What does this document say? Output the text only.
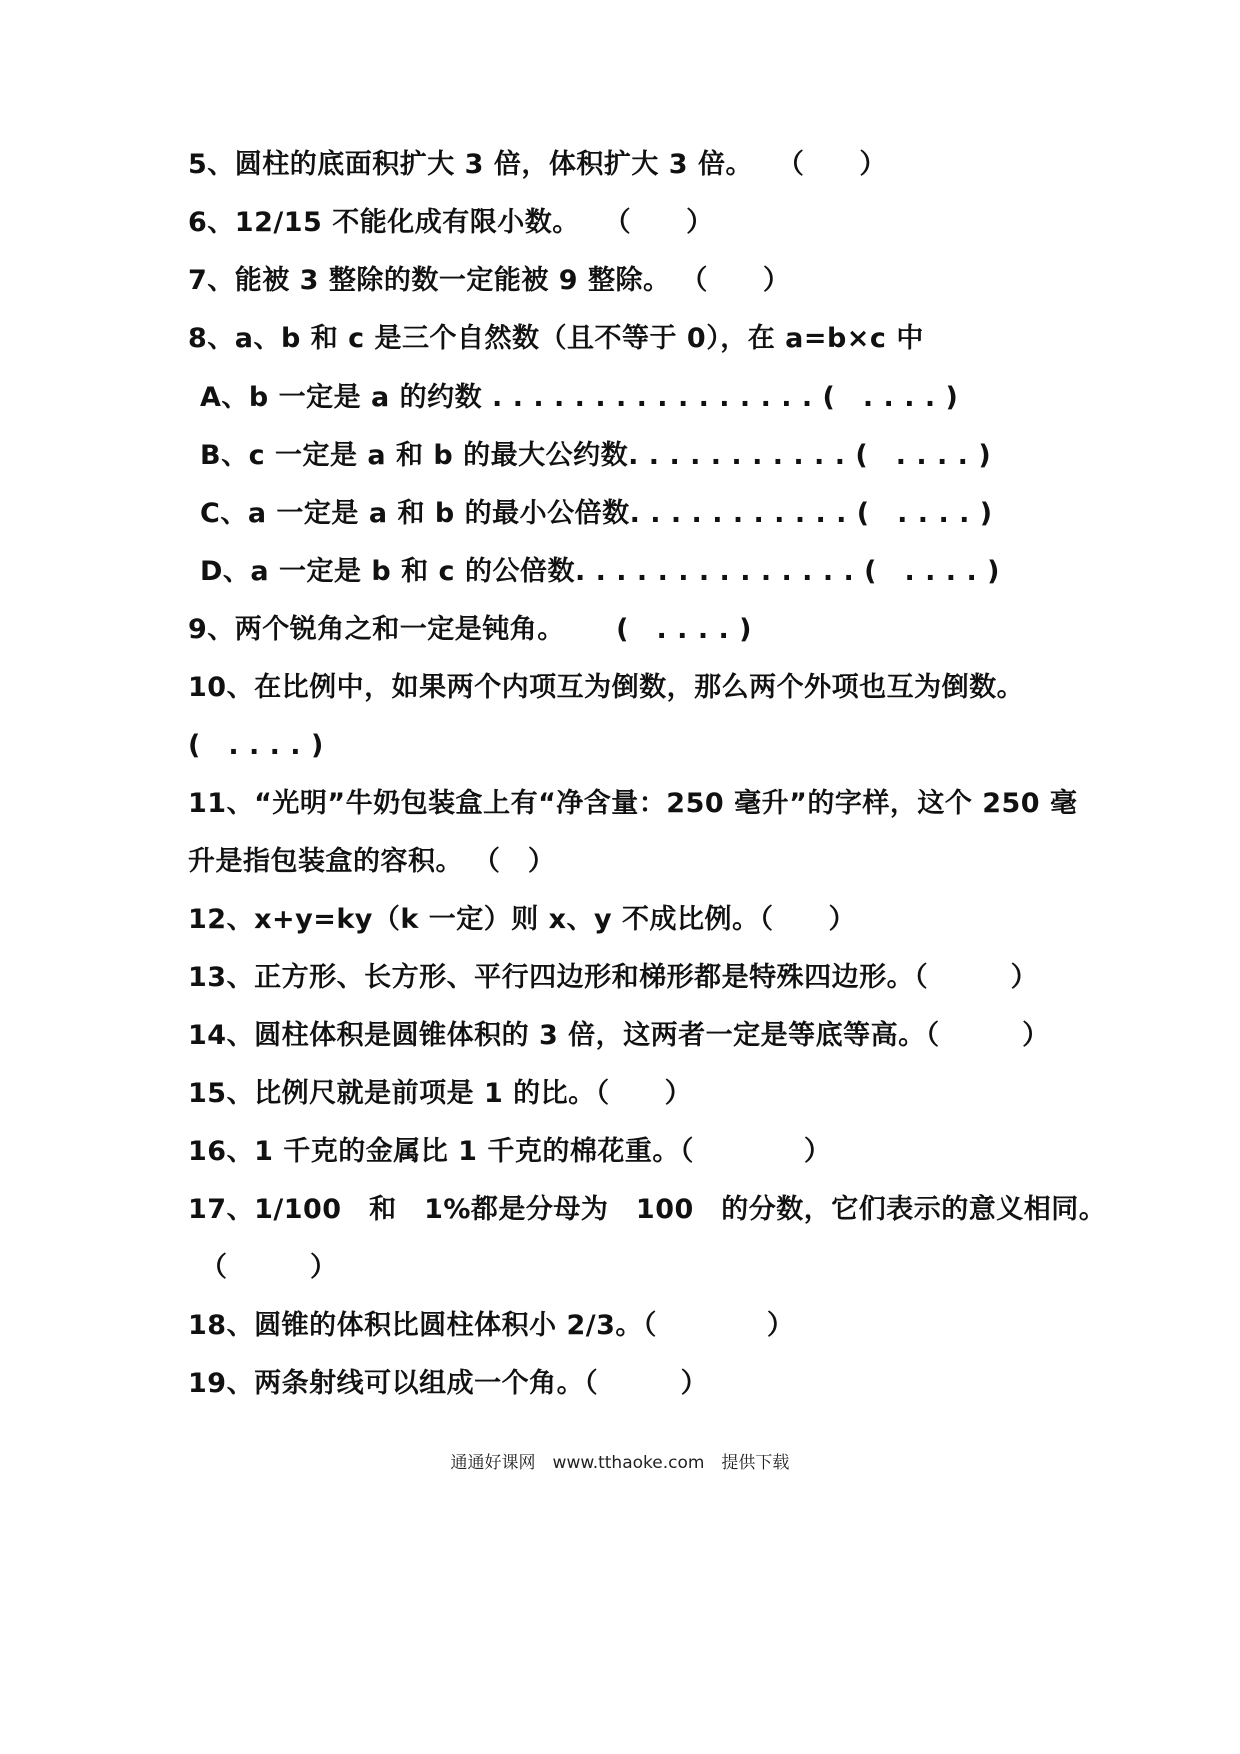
5、圆柱的底面积扩大 3 倍，体积扩大 3 倍。　 （　　）
6、12/15 不能化成有限小数。　 （　　）
7、能被 3 整除的数一定能被 9 整除。 （　　）
8、a、b 和 c 是三个自然数（且不等于 0），在 a=b×c 中
A、b 一定是 a 的约数 . . . . . . . . . . . . . . . . (　. . . . )
B、c 一定是 a 和 b 的最大公约数. . . . . . . . . . . (　. . . . )
C、a 一定是 a 和 b 的最小公倍数. . . . . . . . . . . (　. . . . )
D、a 一定是 b 和 c 的公倍数. . . . . . . . . . . . . . (　. . . . )
9、两个锐角之和一定是钝角。　　 (　. . . . )
10、在比例中，如果两个内项互为倒数，那么两个外项也互为倒数。
(　. . . . )
11、“光明”牛奶包装盒上有“净含量：250 毫升”的字样，这个 250 毫
升是指包装盒的容积。 （　）
12、x+y=ky（k 一定）则 x、y 不成比例。（　　）
13、正方形、长方形、平行四边形和梯形都是特殊四边形。（　　　）
14、圆柱体积是圆锥体积的 3 倍，这两者一定是等底等高。（　　　）
15、比例尺就是前项是 1 的比。（　　）
16、1 千克的金属比 1 千克的棉花重。（　　　　）
17、1/100　和　1%都是分母为　100　的分数，它们表示的意义相同。
（　　　）
18、圆锥的体积比圆柱体积小 2/3。（　　　　）
19、两条射线可以组成一个角。（　　　）
通通好课网　www.tthaoke.com　提供下载
